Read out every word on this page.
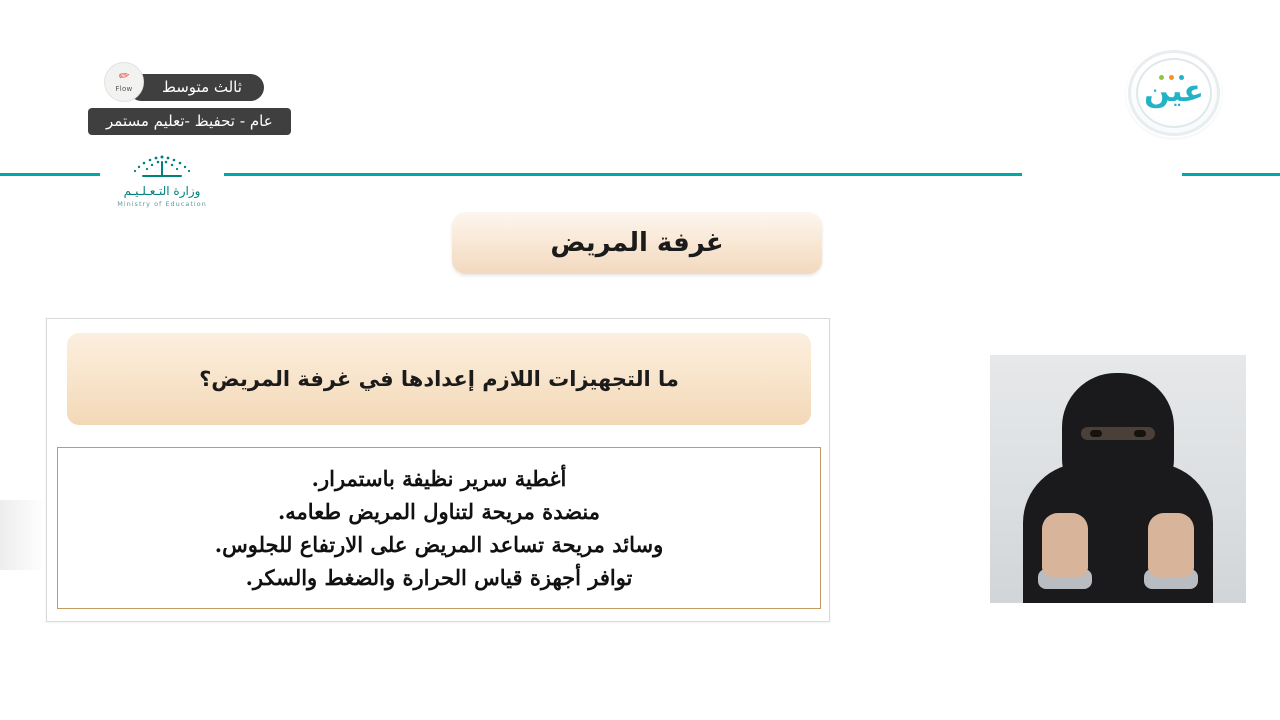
✏
Flow	ثالث متوسط
عام - تحفيظ -تعليم مستمر
عين
وزارة التـعـلـيـم
Ministry of Education
غرفة المريض
ما التجهيزات اللازم إعدادها في غرفة المريض؟
أغطية سرير نظيفة باستمرار.
منضدة مريحة لتناول المريض طعامه.
وسائد مريحة تساعد المريض على الارتفاع للجلوس.
توافر أجهزة قياس الحرارة والضغط والسكر.
